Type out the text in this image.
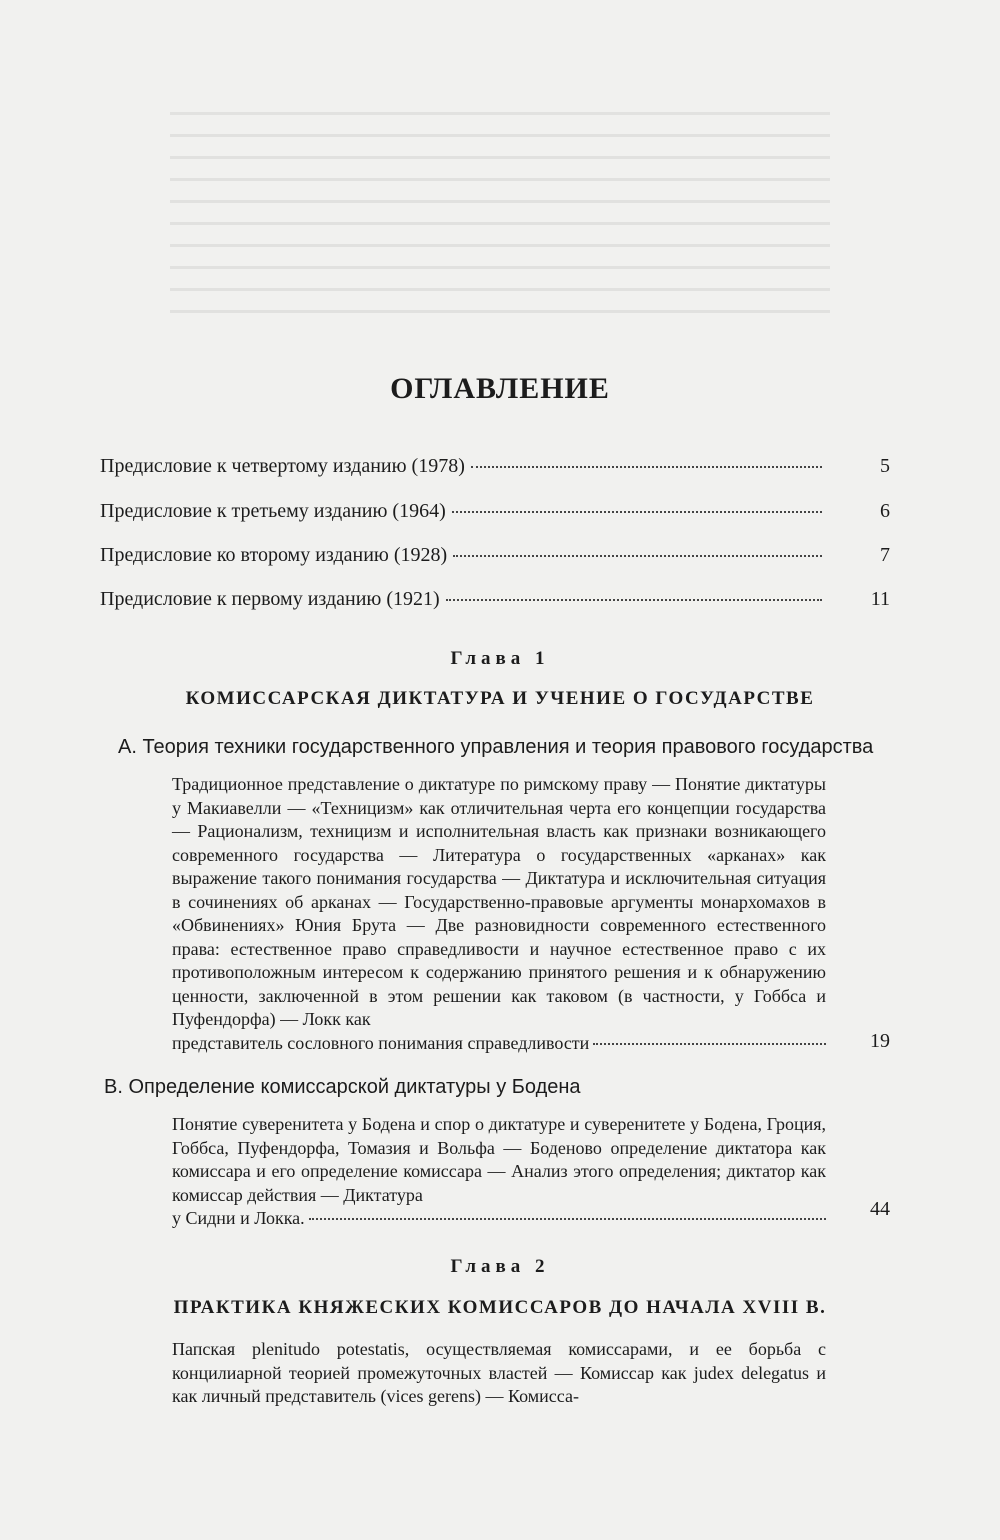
ОГЛАВЛЕНИЕ
Предисловие к четвертому изданию (1978)	5
Предисловие к третьему изданию (1964)	6
Предисловие ко второму изданию (1928)	7
Предисловие к первому изданию (1921)	11
Глава 1
КОМИССАРСКАЯ ДИКТАТУРА И УЧЕНИЕ О ГОСУДАРСТВЕ
А. Теория техники государственного управления и теория правового государства
Традиционное представление о диктатуре по римскому праву — Понятие диктатуры у Макиавелли — «Техницизм» как отличительная черта его концепции государства — Рационализм, техницизм и исполнительная власть как признаки возникающего современного государства — Литература о государственных «арканах» как выражение такого понимания государства — Диктатура и исключительная ситуация в сочинениях об арканах — Государственно-правовые аргументы монархомахов в «Обвинениях» Юния Брута — Две разновидности современного естественного права: естественное право справедливости и научное естественное право с их противоположным интересом к содержанию принятого решения и к обнаружению ценности, заключенной в этом решении как таковом (в частности, у Гоббса и Пуфендорфа) — Локк как
представитель сословного понимания справедливости	19
В. Определение комиссарской диктатуры у Бодена
Понятие суверенитета у Бодена и спор о диктатуре и суверенитете у Бодена, Гроция, Гоббса, Пуфендорфа, Томазия и Вольфа — Боденово определение диктатора как комиссара и его определение комиссара — Анализ этого определения; диктатор как комиссар действия — Диктатура
у Сидни и Локка.	44
Глава 2
ПРАКТИКА КНЯЖЕСКИХ КОМИССАРОВ ДО НАЧАЛА XVIII В.
Папская plenitudo potestatis, осуществляемая комиссарами, и ее борьба с концилиарной теорией промежуточных властей — Комиссар как judex delegatus и как личный представитель (vices gerens) — Комисса-
